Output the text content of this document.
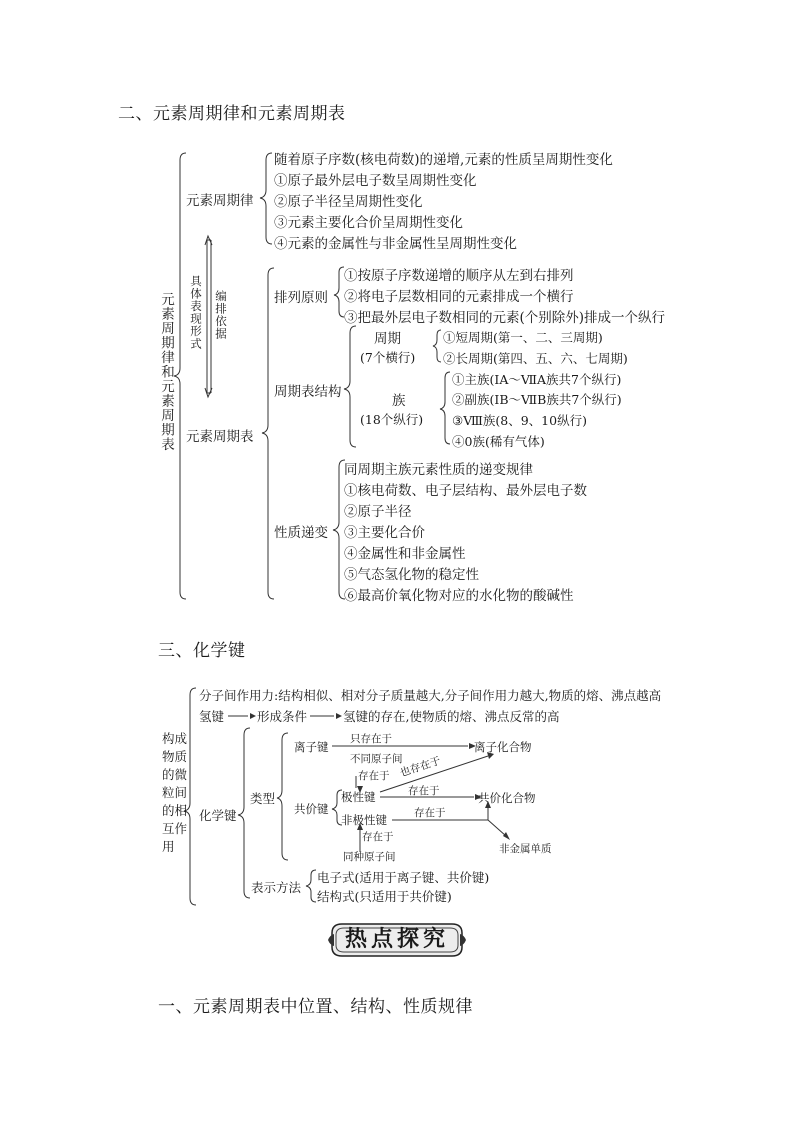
二、元素周期律和元素周期表
元素周期律和元素周期表
元素周期律
随着原子序数(核电荷数)的递增,元素的性质呈周期性变化
①原子最外层电子数呈周期性变化
②原子半径呈周期性变化
③元素主要化合价呈周期性变化
④元素的金属性与非金属性呈周期性变化
具体表现形式 编排依据
元素周期表
排列原则
①按原子序数递增的顺序从左到右排列
②将电子层数相同的元素排成一个横行
③把最外层电子数相同的元素(个别除外)排成一个纵行
周期表结构
周期
(7个横行)
①短周期(第一、二、三周期)
②长周期(第四、五、六、七周期)
族
(18个纵行)
①主族(ⅠA～ⅦA族共7个纵行)
②副族(ⅠB～ⅦB族共7个纵行)
③Ⅷ族(8、9、10纵行)
④0族(稀有气体)
性质递变
同周期主族元素性质的递变规律
①核电荷数、电子层结构、最外层电子数
②原子半径
③主要化合价
④金属性和非金属性
⑤气态氢化物的稳定性
⑥最高价氧化物对应的水化物的酸碱性
三、化学键
构成物质的微粒间的相互作用
分子间作用力:结构相似、相对分子质量越大,分子间作用力越大,物质的熔、沸点越高
氢键	形成条件	氢键的存在,使物质的熔、沸点反常的高
化学键
类型
离子键
只存在于
离子化合物
不同原子间
存在于 也存在于
共价键
极性键
非极性键
存在于	共价化合物
存在于
存在于
同种原子间
非金属单质
表示方法
电子式(适用于离子键、共价键)
结构式(只适用于共价键)
热点探究
一、元素周期表中位置、结构、性质规律
